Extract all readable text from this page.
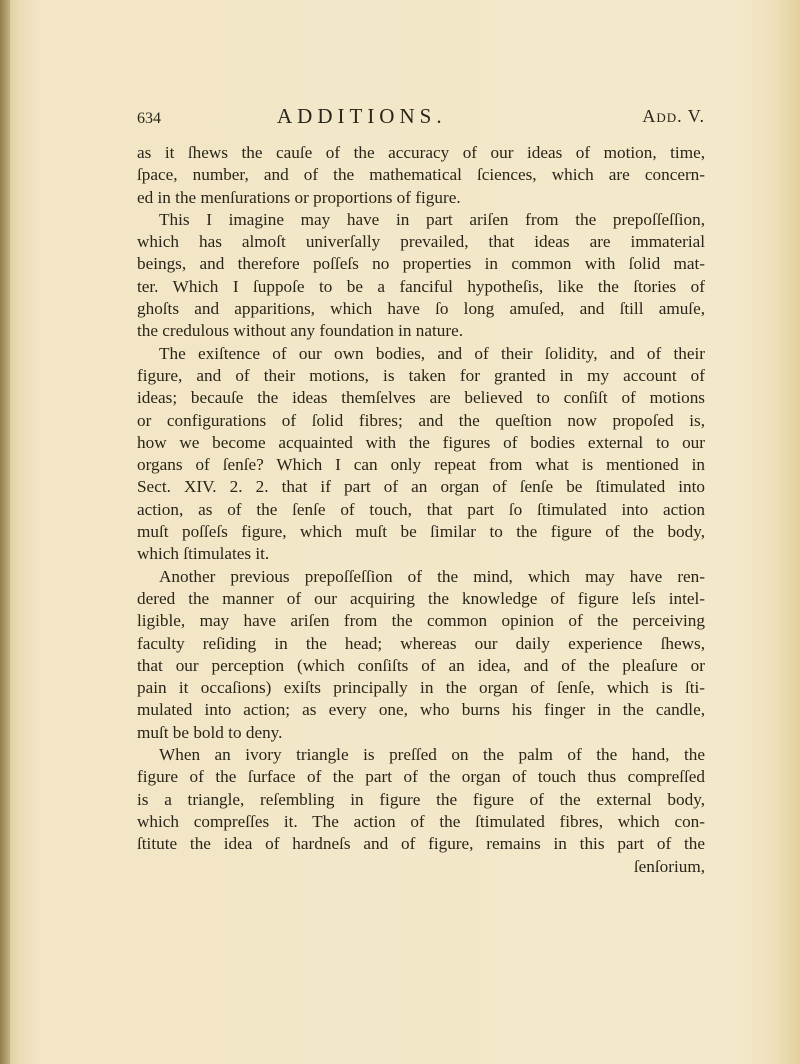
634	ADDITIONS.	Add. V.
as it ſhews the cauſe of the accuracy of our ideas of motion, time,
ſpace, number, and of the mathematical ſciences, which are concern-
ed in the menſurations or proportions of figure.
This I imagine may have in part ariſen from the prepoſſeſſion,
which has almoſt univerſally prevailed, that ideas are immaterial
beings, and therefore poſſeſs no properties in common with ſolid mat-
ter. Which I ſuppoſe to be a fanciful hypotheſis, like the ſtories of
ghoſts and apparitions, which have ſo long amuſed, and ſtill amuſe,
the credulous without any foundation in nature.
The exiſtence of our own bodies, and of their ſolidity, and of their
figure, and of their motions, is taken for granted in my account of
ideas; becauſe the ideas themſelves are believed to conſiſt of motions
or configurations of ſolid fibres; and the queſtion now propoſed is,
how we become acquainted with the figures of bodies external to our
organs of ſenſe? Which I can only repeat from what is mentioned in
Sect. XIV. 2. 2. that if part of an organ of ſenſe be ſtimulated into
action, as of the ſenſe of touch, that part ſo ſtimulated into action
muſt poſſeſs figure, which muſt be ſimilar to the figure of the body,
which ſtimulates it.
Another previous prepoſſeſſion of the mind, which may have ren-
dered the manner of our acquiring the knowledge of figure leſs intel-
ligible, may have ariſen from the common opinion of the perceiving
faculty reſiding in the head; whereas our daily experience ſhews,
that our perception (which conſiſts of an idea, and of the pleaſure or
pain it occaſions) exiſts principally in the organ of ſenſe, which is ſti-
mulated into action; as every one, who burns his finger in the candle,
muſt be bold to deny.
When an ivory triangle is preſſed on the palm of the hand, the
figure of the ſurface of the part of the organ of touch thus compreſſed
is a triangle, reſembling in figure the figure of the external body,
which compreſſes it. The action of the ſtimulated fibres, which con-
ſtitute the idea of hardneſs and of figure, remains in this part of the
ſenſorium,
